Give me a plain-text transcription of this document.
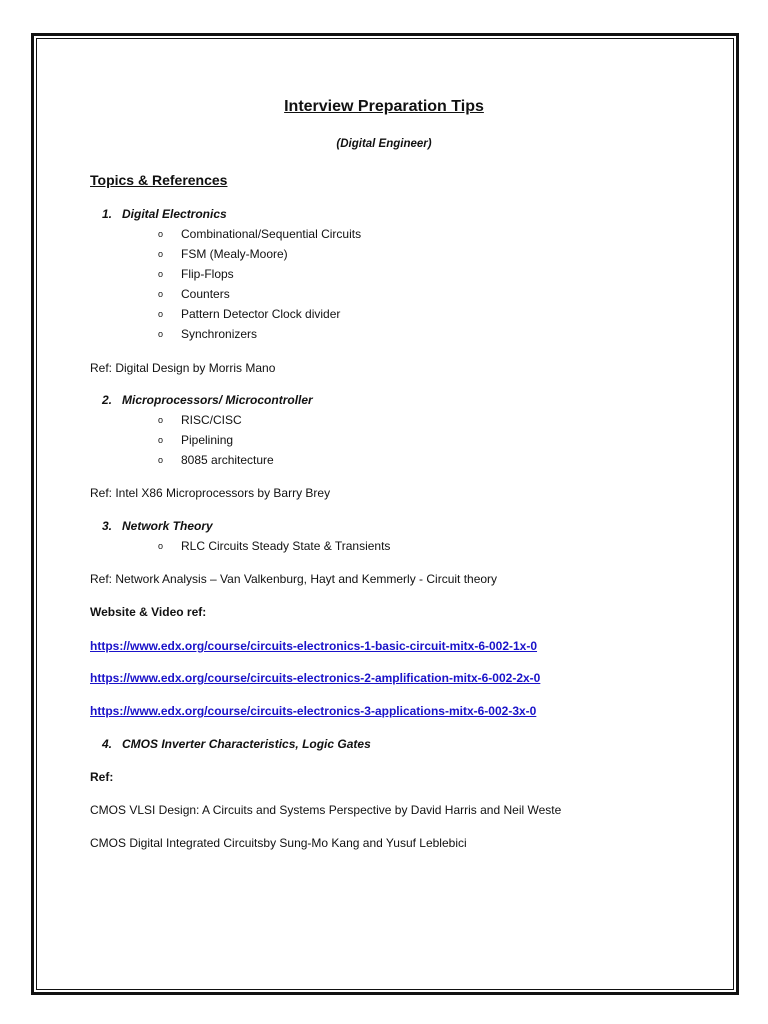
Interview Preparation Tips
(Digital Engineer)
Topics & References
1. Digital Electronics
o Combinational/Sequential Circuits
o FSM (Mealy-Moore)
o Flip-Flops
o Counters
o Pattern Detector Clock divider
o Synchronizers
Ref: Digital Design by Morris Mano
2. Microprocessors/ Microcontroller
o RISC/CISC
o Pipelining
o 8085 architecture
Ref: Intel X86 Microprocessors by Barry Brey
3. Network Theory
o RLC Circuits Steady State & Transients
Ref: Network Analysis – Van Valkenburg, Hayt and Kemmerly - Circuit theory
Website & Video ref:
https://www.edx.org/course/circuits-electronics-1-basic-circuit-mitx-6-002-1x-0
https://www.edx.org/course/circuits-electronics-2-amplification-mitx-6-002-2x-0
https://www.edx.org/course/circuits-electronics-3-applications-mitx-6-002-3x-0
4. CMOS Inverter Characteristics, Logic Gates
Ref:
CMOS VLSI Design: A Circuits and Systems Perspective by David Harris and Neil Weste
CMOS Digital Integrated Circuitsby Sung-Mo Kang and Yusuf Leblebici
